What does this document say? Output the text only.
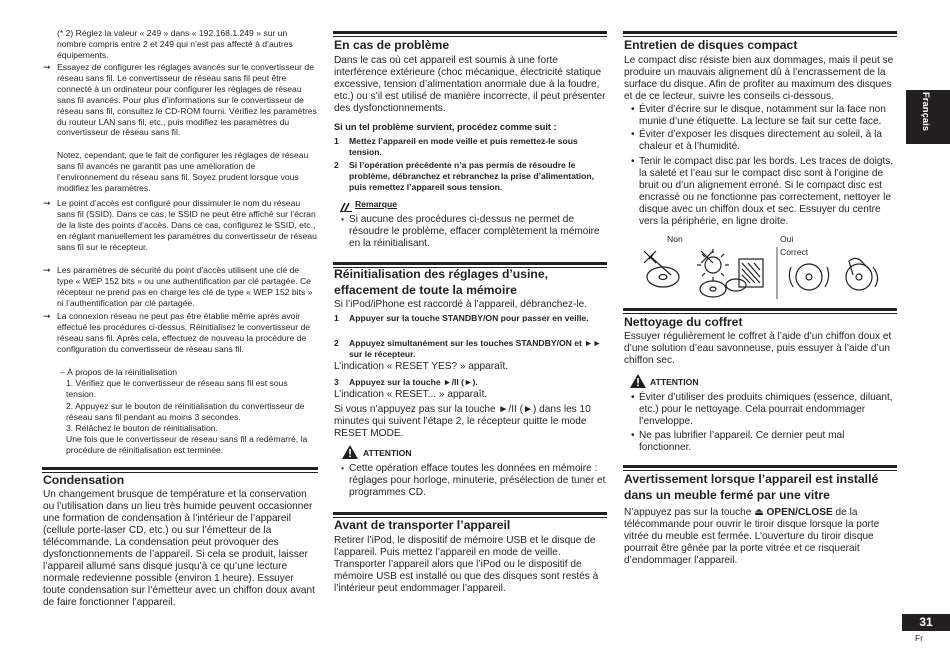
(* 2) Réglez la valeur « 249 » dans « 192.168.1.249 » sur un nombre compris entre 2 et 249 qui n’est pas affecté à d’autres équipements.

➞ Essayez de configurer les réglages avancés sur le convertisseur de réseau sans fil. Le convertisseur de réseau sans fil peut être connecté à un ordinateur pour configurer les réglages de réseau sans fil avancés. Pour plus d’informations sur le convertisseur de réseau sans fil, consultez le CD-ROM fourni. Vérifiez les paramètres du routeur LAN sans fil, etc., puis modifiez les paramètres du convertisseur de réseau sans fil.

Notez, cependant, que le fait de configurer les réglages de réseau sans fil avancés ne garantit pas une amélioration de l’environnement du réseau sans fil. Soyez prudent lorsque vous modifiez les paramètres.

➞ Le point d’accès est configuré pour dissimuler le nom du réseau sans fil (SSID). Dans ce cas, le SSID ne peut être affiché sur l’écran de la liste des points d’accès. Dans ce cas, configurez le SSID, etc., en réglant manuellement les paramètres du convertisseur de réseau sans fil sur le récepteur.

➞ Les paramètres de sécurité du point d’accès utilisent une clé de type « WEP 152 bits » ou une authentification par clé partagée. Ce récepteur ne prend pas en charge les clé de type « WEP 152 bits » ni l’authentification par clé partagée.

➞ La connexion réseau ne peut pas être établie même après avoir effectué les procédures ci-dessus. Réinitialisez le convertisseur de réseau sans fil. Après cela, effectuez de nouveau la procédure de configuration du convertisseur de réseau sans fil.

– À propos de la réinitialisation

1. Vérifiez que le convertisseur de réseau sans fil est sous tension.

2. Appuyez sur le bouton de réinitialisation du convertisseur de réseau sans fil pendant au moins 3 secondes.

3. Relâchez le bouton de réinitialisation.

Une fois que le convertisseur de réseau sans fil a redémarré, la procédure de réinitialisation est terminée.

Condensation

Un changement brusque de température et la conservation ou l’utilisation dans un lieu très humide peuvent occasionner une formation de condensation à l’intérieur de l’appareil (cellule porte-laser CD, etc.) ou sur l’émetteur de la télécommande. La condensation peut provoquer des dysfonctionnements de l’appareil. Si cela se produit, laisser l’appareil allumé sans disque jusqu’à ce qu’une lecture normale redevienne possible (environ 1 heure). Essuyer toute condensation sur l’émetteur avec un chiffon doux avant de faire fonctionner l’appareil.

En cas de problème

Dans le cas où cet appareil est soumis à une forte interférence extérieure (choc mécanique, électricité statique excessive, tension d’alimentation anormale due à la foudre, etc.) ou s’il est utilisé de manière incorrecte, il peut présenter des dysfonctionnements.

Si un tel problème survient, procédez comme suit :

1 Mettez l’appareil en mode veille et puis remettez-le sous tension.

2 Si l’opération précédente n’a pas permis de résoudre le problème, débranchez et rebranchez la prise d’alimentation, puis remettez l’appareil sous tension.

Remarque
• Si aucune des procédures ci-dessus ne permet de résoudre le problème, effacer complètement la mémoire en la réinitialisant.

Réinitialisation des réglages d’usine,
effacement de toute la mémoire

Si l’iPod/iPhone est raccordé à l’appareil, débranchez-le.

1 Appuyer sur la touche STANDBY/ON pour passer en veille.

2 Appuyez simultanément sur les touches STANDBY/ON et ►► sur le récepteur.

L’indication « RESET YES? » apparaît.

3 Appuyez sur la touche ►/II (►).

L’indication « RESET... » apparaît.

Si vous n’appuyez pas sur la touche ►/II (►) dans les 10 minutes qui suivent l’étape 2, le récepteur quitte le mode RESET MODE.

ATTENTION
• Cette opération efface toutes les données en mémoire : réglages pour horloge, minuterie, présélection de tuner et programmes CD.

Avant de transporter l’appareil

Retirer l’iPod, le dispositif de mémoire USB et le disque de l’appareil. Puis mettez l’appareil en mode de veille. Transporter l’appareil alors que l’iPod ou le dispositif de mémoire USB est installé ou que des disques sont restés à l’intérieur peut endommager l’appareil.

Entretien de disques compact

Le compact disc résiste bien aux dommages, mais il peut se produire un mauvais alignement dû à l’encrassement de la surface du disque. Afin de profiter au maximum des disques et de ce lecteur, suivre les conseils ci-dessous.

• Éviter d’écrire sur le disque, notamment sur la face non munie d’une étiquette. La lecture se fait sur cette face.

• Éviter d’exposer les disques directement au soleil, à la chaleur et à l’humidité.

• Tenir le compact disc par les bords. Les traces de doigts, la saleté et l’eau sur le compact disc sont à l’origine de bruit ou d’un alignement erroné. Si le compact disc est encrassé ou ne fonctionne pas correctement, nettoyer le disque avec un chiffon doux et sec. Essuyer du centre vers la périphérie, en ligne droite.

Non	Oui
Correct
Nettoyage du coffret

Essuyer régulièrement le coffret à l’aide d’un chiffon doux et d’une solution d’eau savonneuse, puis essuyer à l’aide d’un chiffon sec.

ATTENTION
• Éviter d’utiliser des produits chimiques (essence, diluant, etc.) pour le nettoyage. Cela pourrait endommager l’enveloppe.

• Ne pas lubrifier l’appareil. Ce dernier peut mal fonctionner.

Avertissement lorsque l’appareil est installé
dans un meuble fermé par une vitre

N’appuyez pas sur la touche ⏏ OPEN/CLOSE de la télécommande pour ouvrir le tiroir disque lorsque la porte vitrée du meuble est fermée. L’ouverture du tiroir disque pourrait être gênée par la porte vitrée et ce risquerait d’endommager l’appareil.

Français
31
Fr
